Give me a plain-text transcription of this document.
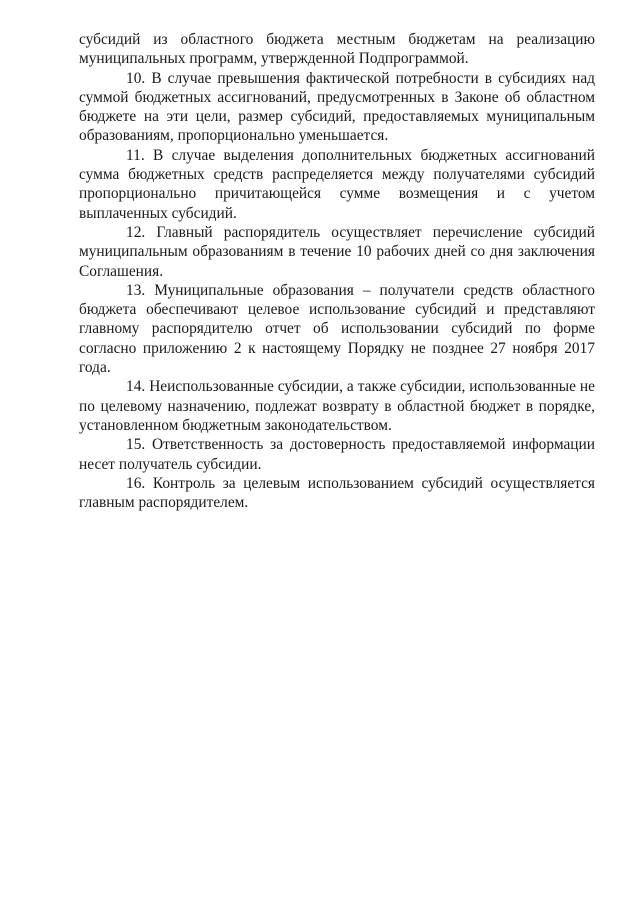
субсидий из областного бюджета местным бюджетам на реализацию муниципальных программ, утвержденной Подпрограммой.

10. В случае превышения фактической потребности в субсидиях над суммой бюджетных ассигнований, предусмотренных в Законе об областном бюджете на эти цели, размер субсидий, предоставляемых муниципальным образованиям, пропорционально уменьшается.

11. В случае выделения дополнительных бюджетных ассигнований сумма бюджетных средств распределяется между получателями субсидий пропорционально причитающейся сумме возмещения и с учетом выплаченных субсидий.

12. Главный распорядитель осуществляет перечисление субсидий муниципальным образованиям в течение 10 рабочих дней со дня заключения Соглашения.

13. Муниципальные образования – получатели средств областного бюджета обеспечивают целевое использование субсидий и представляют главному распорядителю отчет об использовании субсидий по форме согласно приложению 2 к настоящему Порядку не позднее 27 ноября 2017 года.

14. Неиспользованные субсидии, а также субсидии, использованные не по целевому назначению, подлежат возврату в областной бюджет в порядке, установленном бюджетным законодательством.

15. Ответственность за достоверность предоставляемой информации несет получатель субсидии.

16. Контроль за целевым использованием субсидий осуществляется главным распорядителем.
